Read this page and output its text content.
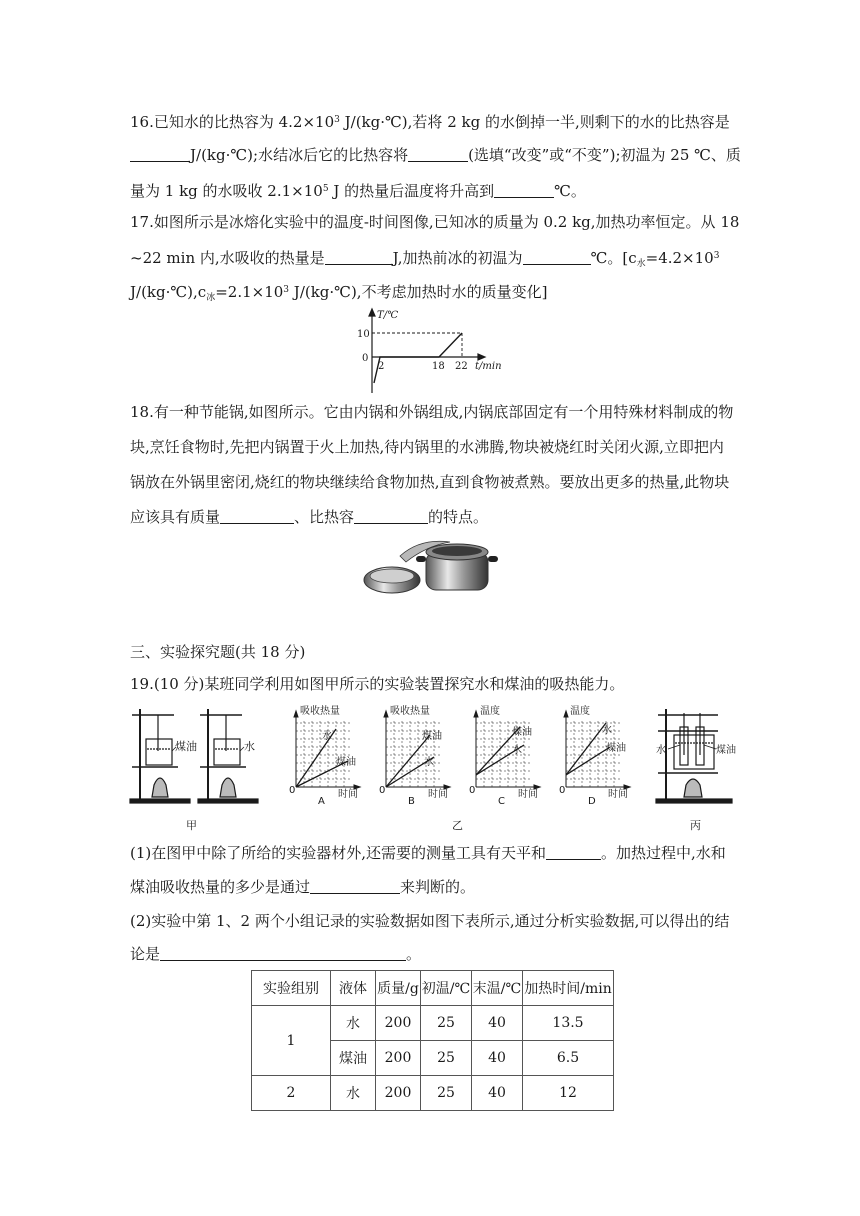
16.已知水的比热容为 $4.2\times 10^3$ J/(kg·℃),若将 2 kg 的水倒掉一半,则剩下的水的比热容是
J/(kg·℃);水结冰后它的比热容将	(选填“改变”或“不变”);初温为 25 ℃、质
量为 1 kg 的水吸收 $2.1\times 10^5$ J 的热量后温度将升高到	℃。
17.如图所示是冰熔化实验中的温度-时间图像,已知冰的质量为 0.2 kg,加热功率恒定。从 18
~22 min 内,水吸收的热量是	J,加热前冰的初温为	℃。[$c_水=4.2\times 10^3$
$J/(kg\cdot℃),c_冰=2.1\times 10^3$ J/(kg·℃),不考虑加热时水的质量变化]
T/℃
t/min
0
10
2	18 22
18.有一种节能锅,如图所示。它由内锅和外锅组成,内锅底部固定有一个用特殊材料制成的物
块,烹饪食物时,先把内锅置于火上加热,待内锅里的水沸腾,物块被烧红时关闭火源,立即把内
锅放在外锅里密闭,烧红的物块继续给食物加热,直到食物被煮熟。要放出更多的热量,此物块
应该具有质量	、比热容	的特点。
三、实验探究题(共 18 分)
19.(10 分)某班同学利用如图甲所示的实验装置探究水和煤油的吸热能力。
煤油	水
甲
吸收热量
时间
水
煤油
0
A
吸收热量
时间
煤油
水
0
B
温度
时间
煤油
水
0
C
温度
时间
水
煤油
0
D
乙
水	煤油
丙
(1)在图甲中除了所给的实验器材外,还需要的测量工具有天平和	。加热过程中,水和
煤油吸收热量的多少是通过	来判断的。
(2)实验中第 1、2 两个小组记录的实验数据如图下表所示,通过分析实验数据,可以得出的结
论是	。
实验组别	液体	质量/g	初温/℃	末温/℃	加热时间/min
1	水	200	25	40	13.5
	煤油	200	25	40	6.5
2	水	200	25	40	12
